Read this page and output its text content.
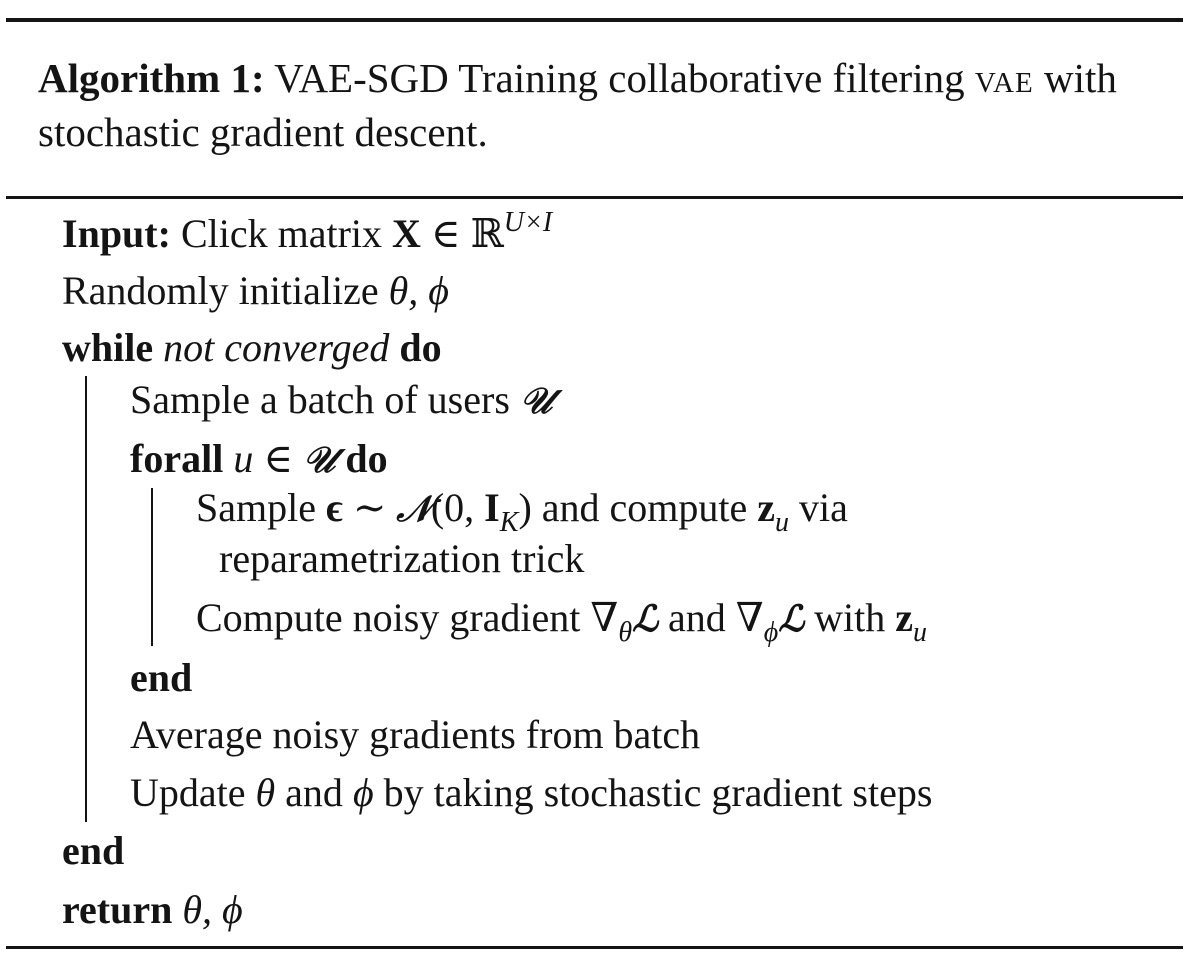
Algorithm 1: VAE-SGD Training collaborative filtering vae with stochastic gradient descent.
Input: Click matrix X ∈ ℝ$^{U\times I}$
Randomly initialize θ, ϕ
while not converged do
Sample a batch of users 𝒰
forall u ∈ 𝒰 do
Sample ϵ ∼ 𝒩(0, $I_K$) and compute $z_u$ via
reparametrization trick
Compute noisy gradient $\nabla_\theta ℒ$ and $\nabla_\phi ℒ$ with $z_u$
end
Average noisy gradients from batch
Update θ and ϕ by taking stochastic gradient steps
end
return θ, ϕ
